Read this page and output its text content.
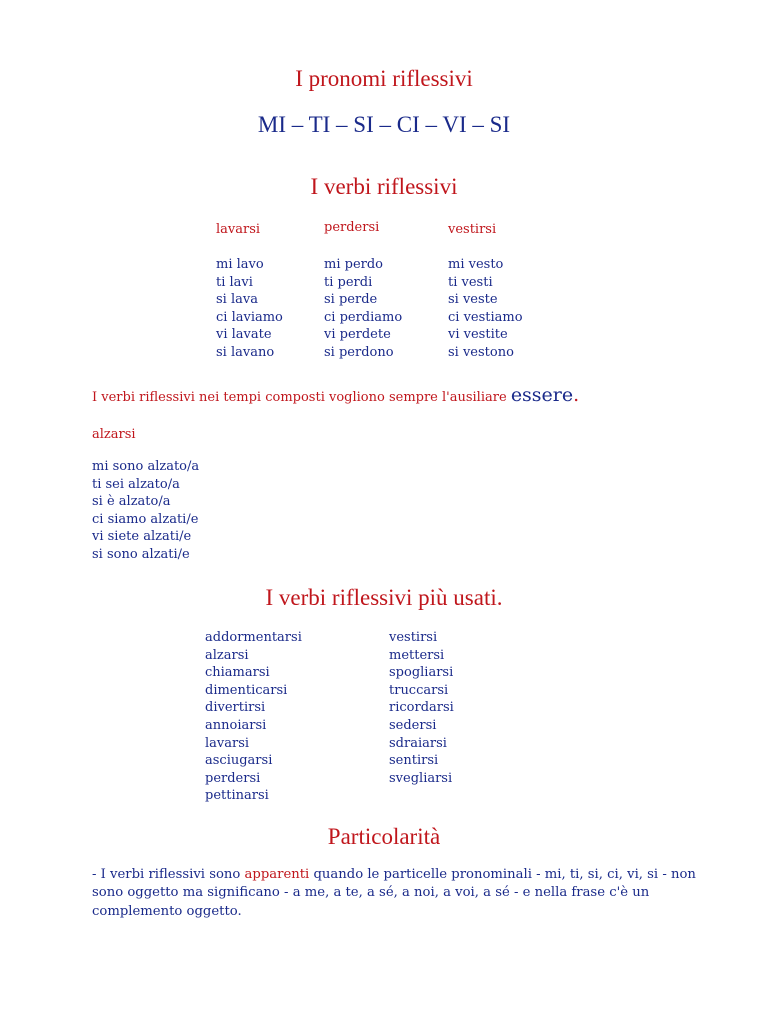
I pronomi riflessivi
MI – TI – SI – CI – VI – SI
I verbi riflessivi
lavarsi
mi lavo
ti lavi
si lava
ci laviamo
vi lavate
si lavano
perdersi
mi perdo
ti perdi
si perde
ci perdiamo
vi perdete
si perdono
vestirsi
mi vesto
ti vesti
si veste
ci vestiamo
vi vestite
si vestono
I verbi riflessivi nei tempi composti vogliono sempre l'ausiliare essere.
alzarsi
mi sono alzato/a
ti sei alzato/a
si è alzato/a
ci siamo alzati/e
vi siete alzati/e
si sono alzati/e
I verbi riflessivi più usati.
addormentarsi
alzarsi
chiamarsi
dimenticarsi
divertirsi
annoiarsi
lavarsi
asciugarsi
perdersi
pettinarsi
vestirsi
mettersi
spogliarsi
truccarsi
ricordarsi
sedersi
sdraiarsi
sentirsi
svegliarsi
Particolarità

- I verbi riflessivi sono apparenti quando le particelle pronominali - mi, ti, si, ci, vi, si - non sono oggetto ma significano - a me, a te, a sé, a noi, a voi, a sé - e nella frase c'è un complemento oggetto.
